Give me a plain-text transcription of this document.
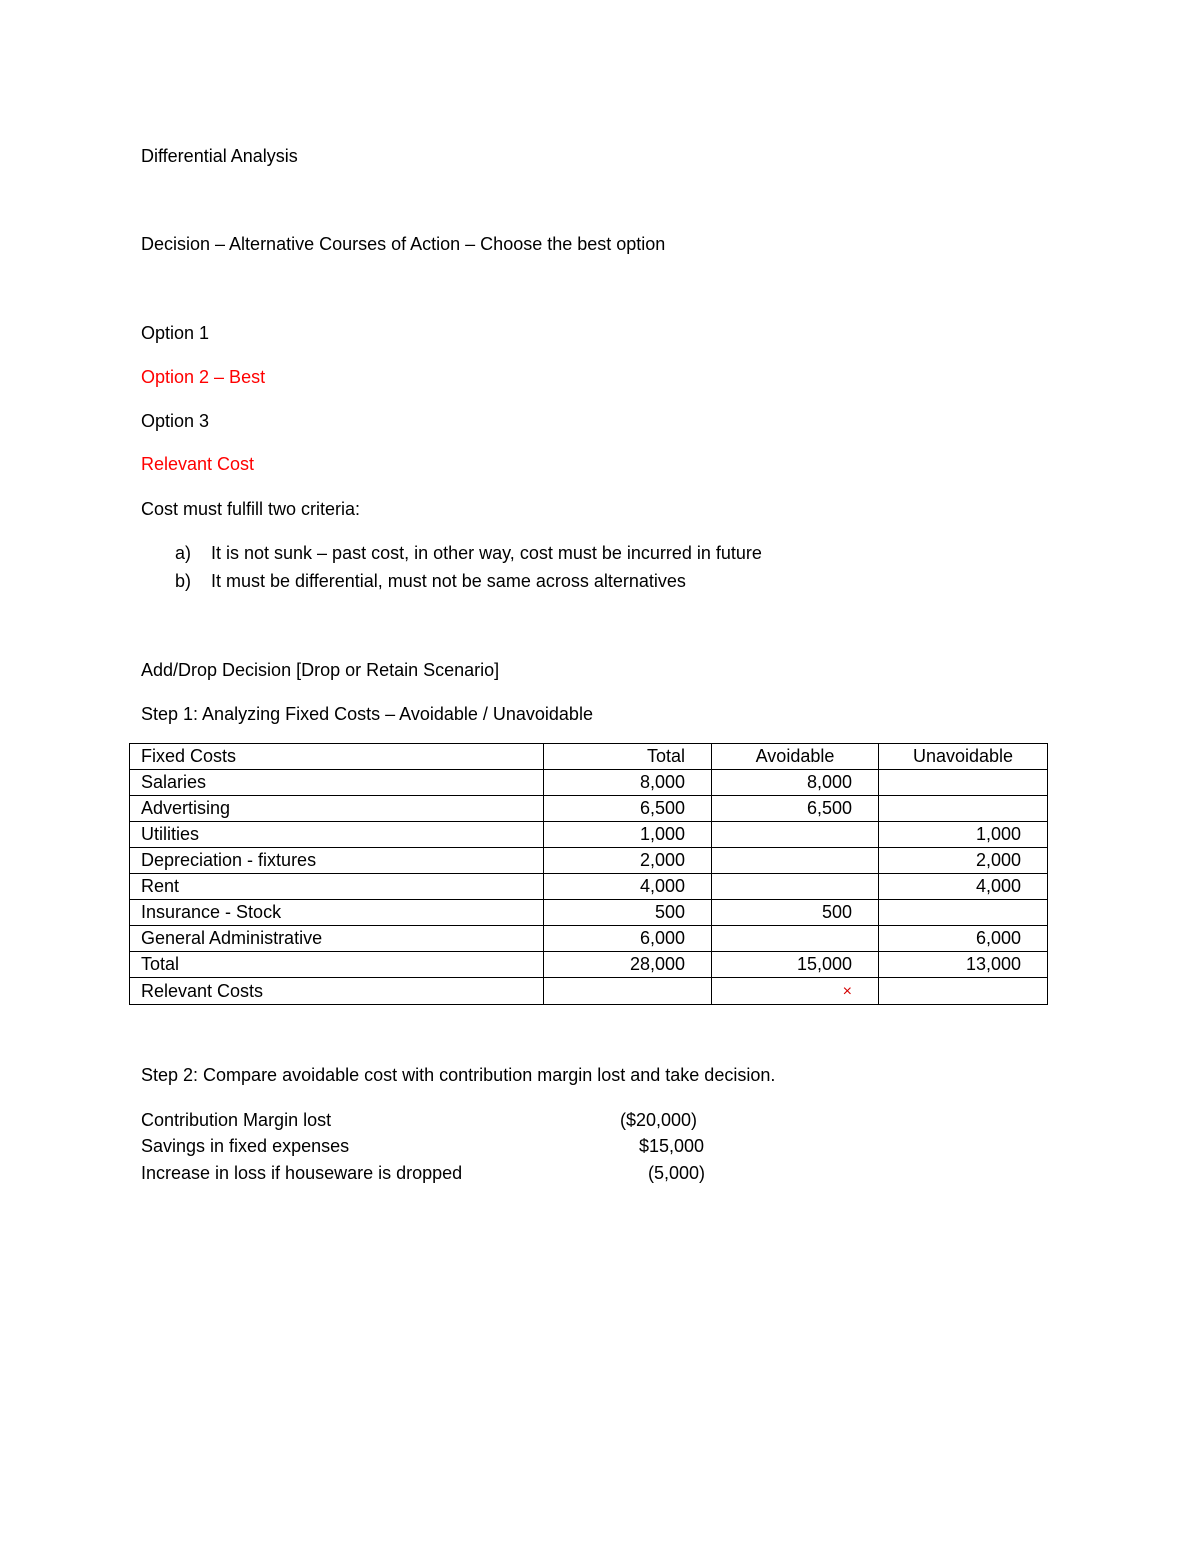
Differential Analysis
Decision – Alternative Courses of Action – Choose the best option
Option 1
Option 2 – Best
Option 3
Relevant Cost
Cost must fulfill two criteria:
a) It is not sunk – past cost, in other way, cost must be incurred in future
b) It must be differential, must not be same across alternatives
Add/Drop Decision [Drop or Retain Scenario]
Step 1: Analyzing Fixed Costs – Avoidable / Unavoidable
Fixed Costs	Total	Avoidable	Unavoidable
Salaries	8,000	8,000	
Advertising	6,500	6,500	
Utilities	1,000		1,000
Depreciation - fixtures	2,000		2,000
Rent	4,000		4,000
Insurance - Stock	500	500	
General Administrative	6,000		6,000
Total	28,000	15,000	13,000
Relevant Costs		×	
Step 2: Compare avoidable cost with contribution margin lost and take decision.
Contribution Margin lost	($20,000)
Savings in fixed expenses	$15,000
Increase in loss if houseware is dropped	(5,000)
